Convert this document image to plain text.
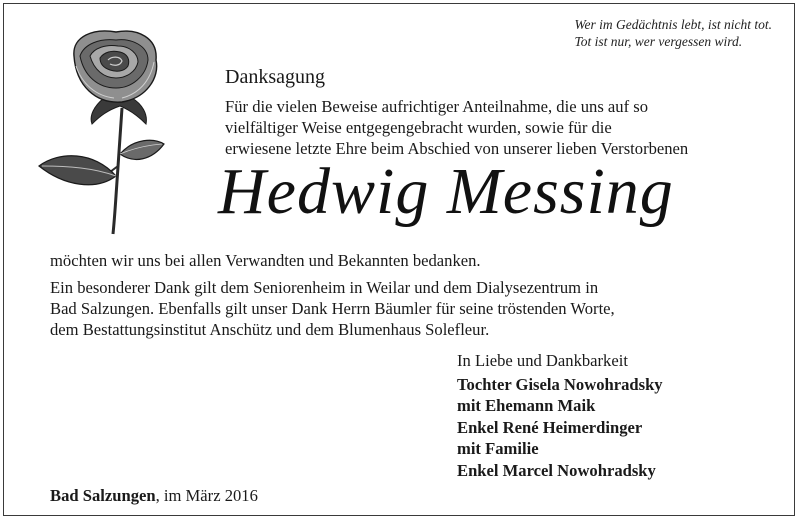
Wer im Gedächtnis lebt, ist nicht tot.
Tot ist nur, wer vergessen wird.
Danksagung
Für die vielen Beweise aufrichtiger Anteilnahme, die uns auf so
vielfältiger Weise entgegengebracht wurden, sowie für die
erwiesene letzte Ehre beim Abschied von unserer lieben Verstorbenen
Hedwig Messing
möchten wir uns bei allen Verwandten und Bekannten bedanken.
Ein besonderer Dank gilt dem Seniorenheim in Weilar und dem Dialysezentrum in
Bad Salzungen. Ebenfalls gilt unser Dank Herrn Bäumler für seine tröstenden Worte,
dem Bestattungsinstitut Anschütz und dem Blumenhaus Solefleur.
In Liebe und Dankbarkeit
Tochter Gisela Nowohradsky
mit Ehemann Maik
Enkel René Heimerdinger
mit Familie
Enkel Marcel Nowohradsky
Bad Salzungen, im März 2016
